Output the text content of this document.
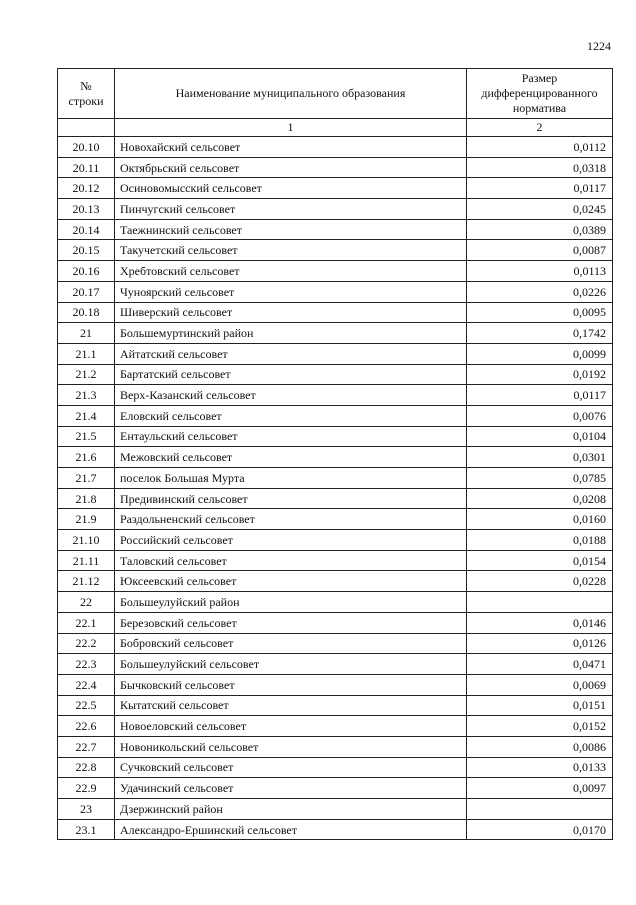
1224
№ строки	Наименование муниципального образования	Размер дифференцированного норматива
	1	2
20.10	Новохайский сельсовет	0,0112
20.11	Октябрьский сельсовет	0,0318
20.12	Осиновомысский сельсовет	0,0117
20.13	Пинчугский сельсовет	0,0245
20.14	Таежнинский сельсовет	0,0389
20.15	Такучетский сельсовет	0,0087
20.16	Хребтовский сельсовет	0,0113
20.17	Чуноярский сельсовет	0,0226
20.18	Шиверский сельсовет	0,0095
21	Большемуртинский район	0,1742
21.1	Айтатский сельсовет	0,0099
21.2	Бартатский сельсовет	0,0192
21.3	Верх-Казанский сельсовет	0,0117
21.4	Еловский сельсовет	0,0076
21.5	Ентаульский сельсовет	0,0104
21.6	Межовский сельсовет	0,0301
21.7	поселок Большая Мурта	0,0785
21.8	Предивинский сельсовет	0,0208
21.9	Раздольненский сельсовет	0,0160
21.10	Российский сельсовет	0,0188
21.11	Таловский сельсовет	0,0154
21.12	Юксеевский сельсовет	0,0228
22	Большеулуйский район	
22.1	Березовский сельсовет	0,0146
22.2	Бобровский сельсовет	0,0126
22.3	Большеулуйский сельсовет	0,0471
22.4	Бычковский сельсовет	0,0069
22.5	Кытатский сельсовет	0,0151
22.6	Новоеловский сельсовет	0,0152
22.7	Новоникольский сельсовет	0,0086
22.8	Сучковский сельсовет	0,0133
22.9	Удачинский сельсовет	0,0097
23	Дзержинский район	
23.1	Александро-Ершинский сельсовет	0,0170
